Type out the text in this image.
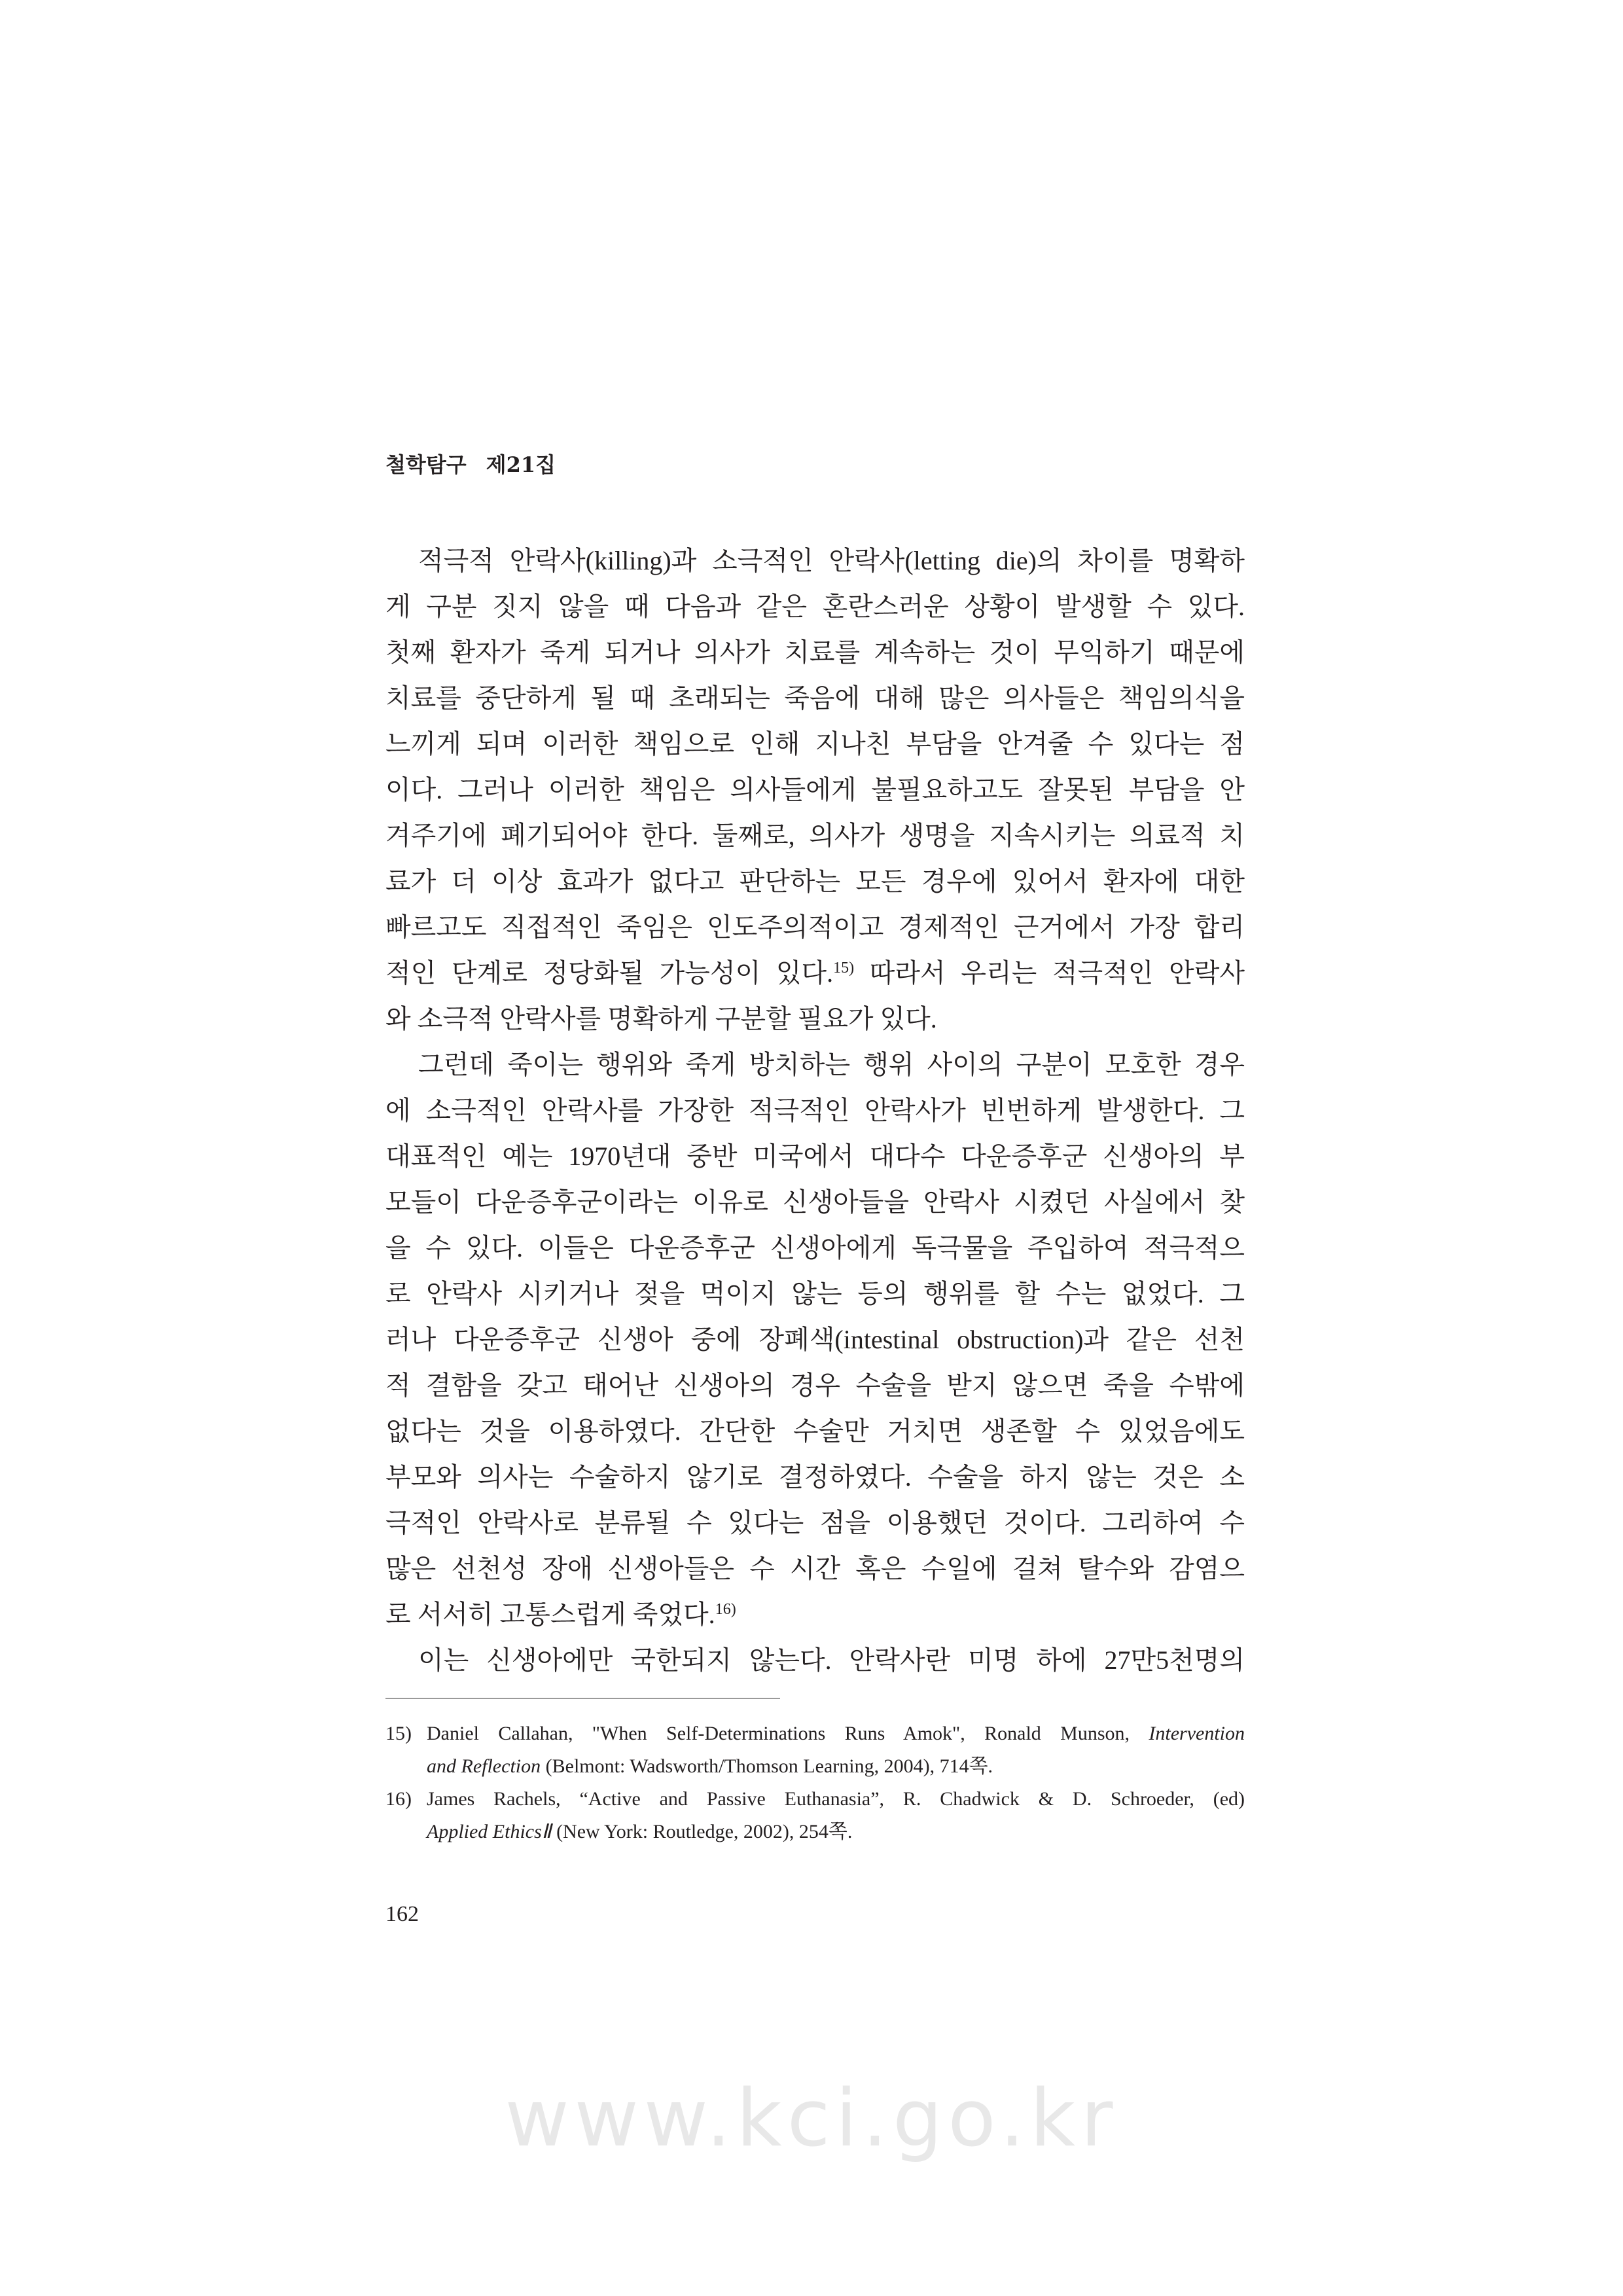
철학탐구 제21집
적극적 안락사(killing)과 소극적인 안락사(letting die)의 차이를 명확하
게 구분 짓지 않을 때 다음과 같은 혼란스러운 상황이 발생할 수 있다.
첫째 환자가 죽게 되거나 의사가 치료를 계속하는 것이 무익하기 때문에
치료를 중단하게 될 때 초래되는 죽음에 대해 많은 의사들은 책임의식을
느끼게 되며 이러한 책임으로 인해 지나친 부담을 안겨줄 수 있다는 점
이다. 그러나 이러한 책임은 의사들에게 불필요하고도 잘못된 부담을 안
겨주기에 폐기되어야 한다. 둘째로, 의사가 생명을 지속시키는 의료적 치
료가 더 이상 효과가 없다고 판단하는 모든 경우에 있어서 환자에 대한
빠르고도 직접적인 죽임은 인도주의적이고 경제적인 근거에서 가장 합리
적인 단계로 정당화될 가능성이 있다.$^{15)}$ 따라서 우리는 적극적인 안락사
와 소극적 안락사를 명확하게 구분할 필요가 있다.
그런데 죽이는 행위와 죽게 방치하는 행위 사이의 구분이 모호한 경우
에 소극적인 안락사를 가장한 적극적인 안락사가 빈번하게 발생한다. 그
대표적인 예는 1970년대 중반 미국에서 대다수 다운증후군 신생아의 부
모들이 다운증후군이라는 이유로 신생아들을 안락사 시켰던 사실에서 찾
을 수 있다. 이들은 다운증후군 신생아에게 독극물을 주입하여 적극적으
로 안락사 시키거나 젖을 먹이지 않는 등의 행위를 할 수는 없었다. 그
러나 다운증후군 신생아 중에 장폐색(intestinal obstruction)과 같은 선천
적 결함을 갖고 태어난 신생아의 경우 수술을 받지 않으면 죽을 수밖에
없다는 것을 이용하였다. 간단한 수술만 거치면 생존할 수 있었음에도
부모와 의사는 수술하지 않기로 결정하였다. 수술을 하지 않는 것은 소
극적인 안락사로 분류될 수 있다는 점을 이용했던 것이다. 그리하여 수
많은 선천성 장애 신생아들은 수 시간 혹은 수일에 걸쳐 탈수와 감염으
로 서서히 고통스럽게 죽었다.$^{16)}$
이는 신생아에만 국한되지 않는다. 안락사란 미명 하에 27만5천명의
15) Daniel Callahan, "When Self-Determinations Runs Amok", Ronald Munson, Intervention
and Reflection (Belmont: Wadsworth/Thomson Learning, 2004), 714쪽.
16) James Rachels, “Active and Passive Euthanasia”, R. Chadwick & D. Schroeder, (ed)
Applied EthicsⅡ (New York: Routledge, 2002), 254쪽.
162
www.kci.go.kr
